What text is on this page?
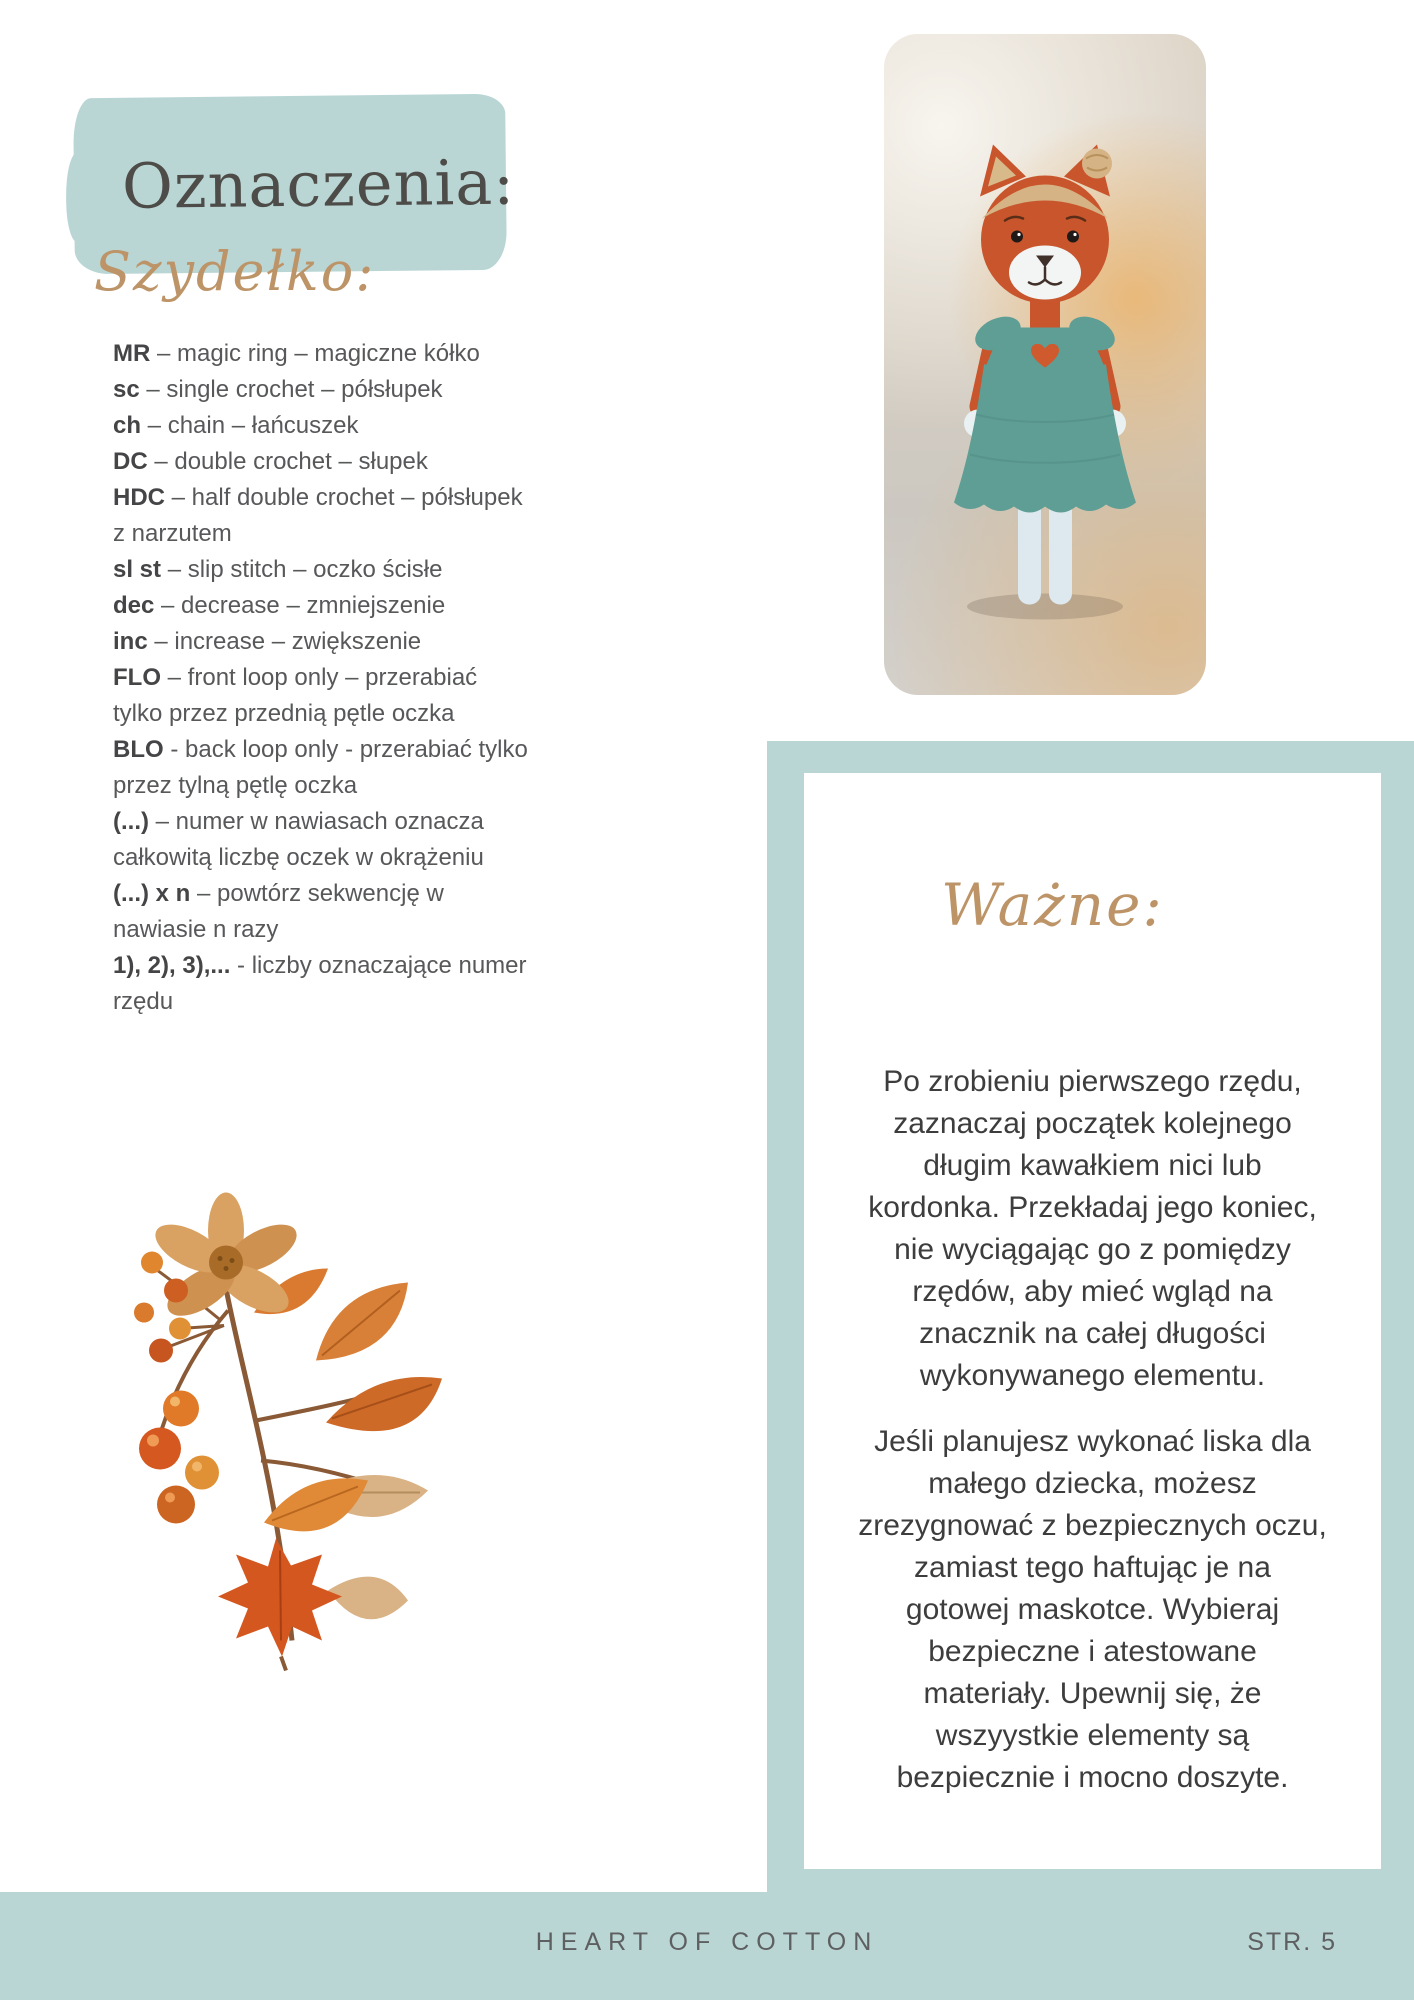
Oznaczenia:
Szydełko:
MR – magic ring – magiczne kółko
sc – single crochet – półsłupek
ch – chain – łańcuszek
DC – double crochet – słupek
HDC – half double crochet – półsłupek
z narzutem
sl st – slip stitch – oczko ścisłe
dec – decrease – zmniejszenie
inc – increase – zwiększenie
FLO – front loop only – przerabiać
tylko przez przednią pętle oczka
BLO - back loop only - przerabiać tylko
przez tylną pętlę oczka
(...) – numer w nawiasach oznacza
całkowitą liczbę oczek w okrążeniu
(...) x n – powtórz sekwencję w
nawiasie n razy
1), 2), 3),... - liczby oznaczające numer
rzędu
Ważne:
Po zrobieniu pierwszego rzędu,
zaznaczaj początek kolejnego
długim kawałkiem nici lub
kordonka. Przekładaj jego koniec,
nie wyciągając go z pomiędzy
rzędów, aby mieć wgląd na
znacznik na całej długości
wykonywanego elementu.
Jeśli planujesz wykonać liska dla
małego dziecka, możesz
zrezygnować z bezpiecznych oczu,
zamiast tego haftując je na
gotowej maskotce. Wybieraj
bezpieczne i atestowane
materiały. Upewnij się, że
wszyystkie elementy są
bezpiecznie i mocno doszyte.
HEART OF COTTON	STR. 5
